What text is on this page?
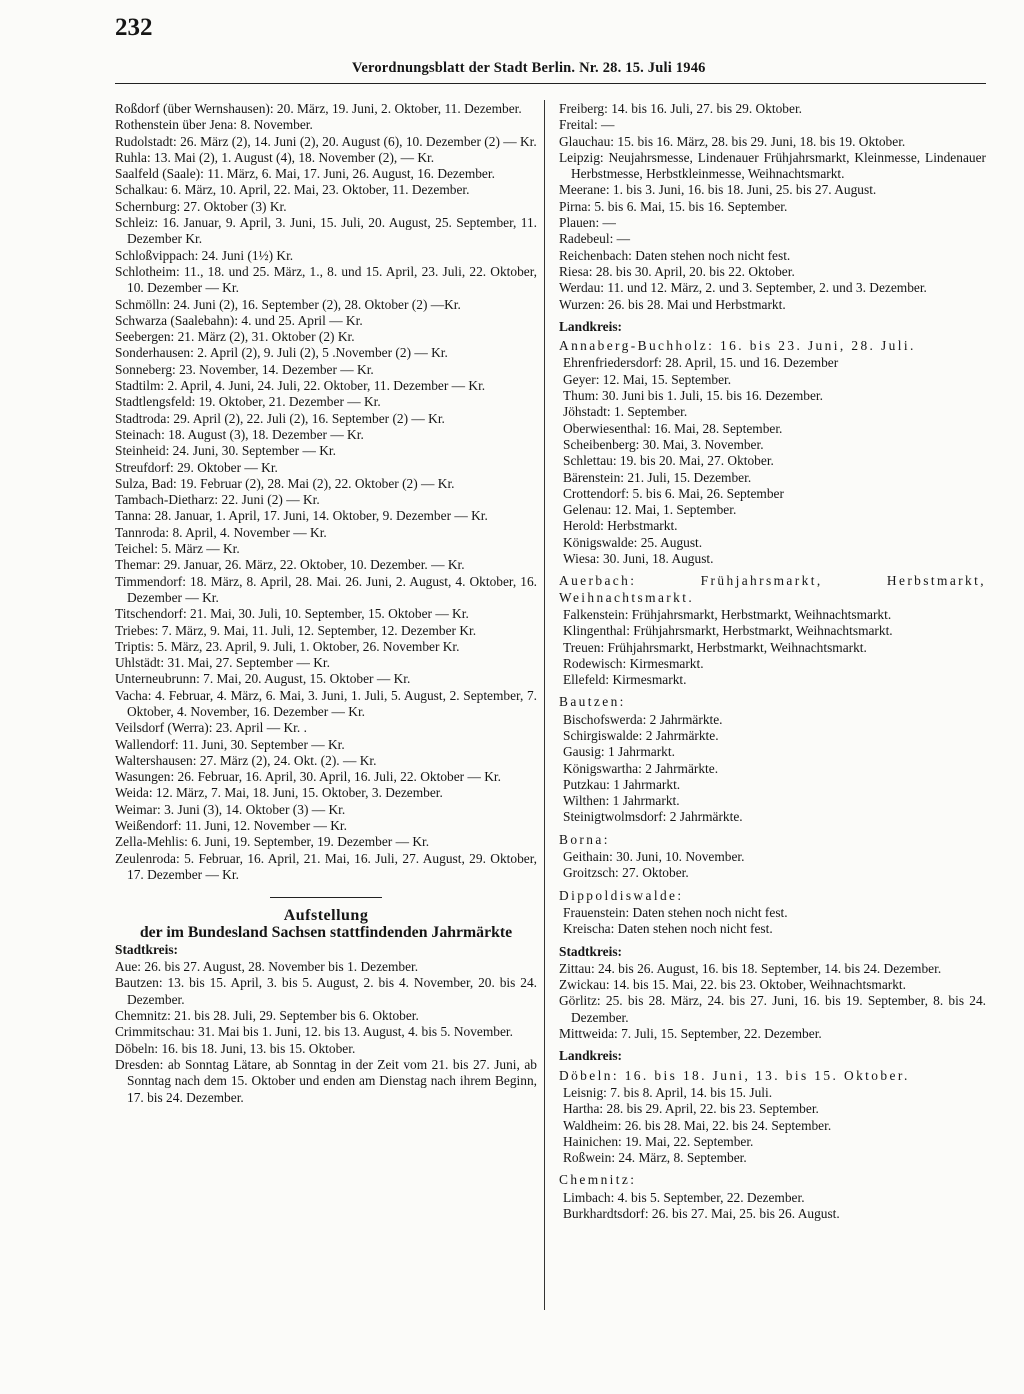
232
Verordnungsblatt der Stadt Berlin. Nr. 28. 15. Juli 1946

Roßdorf (über Wernshausen): 20. März, 19. Juni, 2. Oktober, 11. Dezember.

Rothenstein über Jena: 8. November.

Rudolstadt: 26. März (2), 14. Juni (2), 20. August (6), 10. Dezember (2) — Kr.

Ruhla: 13. Mai (2), 1. August (4), 18. November (2), — Kr.

Saalfeld (Saale): 11. März, 6. Mai, 17. Juni, 26. August, 16. Dezember.

Schalkau: 6. März, 10. April, 22. Mai, 23. Oktober, 11. Dezember.

Schernburg: 27. Oktober (3) Kr.

Schleiz: 16. Januar, 9. April, 3. Juni, 15. Juli, 20. August, 25. September, 11. Dezember Kr.

Schloßvippach: 24. Juni (1½) Kr.

Schlotheim: 11., 18. und 25. März, 1., 8. und 15. April, 23. Juli, 22. Oktober, 10. Dezember — Kr.

Schmölln: 24. Juni (2), 16. September (2), 28. Oktober (2) —Kr.

Schwarza (Saalebahn): 4. und 25. April — Kr.

Seebergen: 21. März (2), 31. Oktober (2) Kr.

Sonderhausen: 2. April (2), 9. Juli (2), 5 .November (2) — Kr.

Sonneberg: 23. November, 14. Dezember — Kr.

Stadtilm: 2. April, 4. Juni, 24. Juli, 22. Oktober, 11. Dezember — Kr.

Stadtlengsfeld: 19. Oktober, 21. Dezember — Kr.

Stadtroda: 29. April (2), 22. Juli (2), 16. September (2) — Kr.

Steinach: 18. August (3), 18. Dezember — Kr.

Steinheid: 24. Juni, 30. September — Kr.

Streufdorf: 29. Oktober — Kr.

Sulza, Bad: 19. Februar (2), 28. Mai (2), 22. Oktober (2) — Kr.

Tambach-Dietharz: 22. Juni (2) — Kr.

Tanna: 28. Januar, 1. April, 17. Juni, 14. Oktober, 9. Dezember — Kr.

Tannroda: 8. April, 4. November — Kr.

Teichel: 5. März — Kr.

Themar: 29. Januar, 26. März, 22. Oktober, 10. Dezember. — Kr.

Timmendorf: 18. März, 8. April, 28. Mai. 26. Juni, 2. August, 4. Oktober, 16. Dezember — Kr.

Titschendorf: 21. Mai, 30. Juli, 10. September, 15. Oktober — Kr.

Triebes: 7. März, 9. Mai, 11. Juli, 12. September, 12. Dezember Kr.

Triptis: 5. März, 23. April, 9. Juli, 1. Oktober, 26. November Kr.

Uhlstädt: 31. Mai, 27. September — Kr.

Unterneubrunn: 7. Mai, 20. August, 15. Oktober — Kr.

Vacha: 4. Februar, 4. März, 6. Mai, 3. Juni, 1. Juli, 5. August, 2. September, 7. Oktober, 4. November, 16. Dezember — Kr.

Veilsdorf (Werra): 23. April — Kr. .

Wallendorf: 11. Juni, 30. September — Kr.

Waltershausen: 27. März (2), 24. Okt. (2). — Kr.

Wasungen: 26. Februar, 16. April, 30. April, 16. Juli, 22. Oktober — Kr.

Weida: 12. März, 7. Mai, 18. Juni, 15. Oktober, 3. Dezember.

Weimar: 3. Juni (3), 14. Oktober (3) — Kr.

Weißendorf: 11. Juni, 12. November — Kr.

Zella-Mehlis: 6. Juni, 19. September, 19. Dezember — Kr.

Zeulenroda: 5. Februar, 16. April, 21. Mai, 16. Juli, 27. August, 29. Oktober, 17. Dezember — Kr.

Aufstellung

der im Bundesland Sachsen stattfindenden Jahrmärkte

Stadtkreis:

Aue: 26. bis 27. August, 28. November bis 1. Dezember.

Bautzen: 13. bis 15. April, 3. bis 5. August, 2. bis 4. November, 20. bis 24. Dezember.

Chemnitz: 21. bis 28. Juli, 29. September bis 6. Oktober.

Crimmitschau: 31. Mai bis 1. Juni, 12. bis 13. August, 4. bis 5. November.

Döbeln: 16. bis 18. Juni, 13. bis 15. Oktober.

Dresden: ab Sonntag Lätare, ab Sonntag in der Zeit vom 21. bis 27. Juni, ab Sonntag nach dem 15. Oktober und enden am Dienstag nach ihrem Beginn, 17. bis 24. Dezember.

Freiberg: 14. bis 16. Juli, 27. bis 29. Oktober.

Freital: —

Glauchau: 15. bis 16. März, 28. bis 29. Juni, 18. bis 19. Oktober.

Leipzig: Neujahrsmesse, Lindenauer Frühjahrsmarkt, Kleinmesse, Lindenauer Herbstmesse, Herbstkleinmesse, Weihnachtsmarkt.

Meerane: 1. bis 3. Juni, 16. bis 18. Juni, 25. bis 27. August.

Pirna: 5. bis 6. Mai, 15. bis 16. September.

Plauen: —

Radebeul: —

Reichenbach: Daten stehen noch nicht fest.

Riesa: 28. bis 30. April, 20. bis 22. Oktober.

Werdau: 11. und 12. März, 2. und 3. September, 2. und 3. Dezember.

Wurzen: 26. bis 28. Mai und Herbstmarkt.

Landkreis:

Annaberg-Buchholz: 16. bis 23. Juni, 28. Juli.

Ehrenfriedersdorf: 28. April, 15. und 16. Dezember

Geyer: 12. Mai, 15. September.

Thum: 30. Juni bis 1. Juli, 15. bis 16. Dezember.

Jöhstadt: 1. September.

Oberwiesenthal: 16. Mai, 28. September.

Scheibenberg: 30. Mai, 3. November.

Schlettau: 19. bis 20. Mai, 27. Oktober.

Bärenstein: 21. Juli, 15. Dezember.

Crottendorf: 5. bis 6. Mai, 26. September

Gelenau: 12. Mai, 1. September.

Herold: Herbstmarkt.

Königswalde: 25. August.

Wiesa: 30. Juni, 18. August.

Auerbach: Frühjahrsmarkt, Herbstmarkt, Weihnachtsmarkt.

Falkenstein: Frühjahrsmarkt, Herbstmarkt, Weihnachtsmarkt.

Klingenthal: Frühjahrsmarkt, Herbstmarkt, Weihnachtsmarkt.

Treuen: Frühjahrsmarkt, Herbstmarkt, Weihnachtsmarkt.

Rodewisch: Kirmesmarkt.

Ellefeld: Kirmesmarkt.

Bautzen:

Bischofswerda: 2 Jahrmärkte.

Schirgiswalde: 2 Jahrmärkte.

Gausig: 1 Jahrmarkt.

Königswartha: 2 Jahrmärkte.

Putzkau: 1 Jahrmarkt.

Wilthen: 1 Jahrmarkt.

Steinigtwolmsdorf: 2 Jahrmärkte.

Borna:

Geithain: 30. Juni, 10. November.

Groitzsch: 27. Oktober.

Dippoldiswalde:

Frauenstein: Daten stehen noch nicht fest.

Kreischa: Daten stehen noch nicht fest.

Stadtkreis:

Zittau: 24. bis 26. August, 16. bis 18. September, 14. bis 24. Dezember.

Zwickau: 14. bis 15. Mai, 22. bis 23. Oktober, Weihnachtsmarkt.

Görlitz: 25. bis 28. März, 24. bis 27. Juni, 16. bis 19. September, 8. bis 24. Dezember.

Mittweida: 7. Juli, 15. September, 22. Dezember.

Landkreis:

Döbeln: 16. bis 18. Juni, 13. bis 15. Oktober.

Leisnig: 7. bis 8. April, 14. bis 15. Juli.

Hartha: 28. bis 29. April, 22. bis 23. September.

Waldheim: 26. bis 28. Mai, 22. bis 24. September.

Hainichen: 19. Mai, 22. September.

Roßwein: 24. März, 8. September.

Chemnitz:

Limbach: 4. bis 5. September, 22. Dezember.

Burkhardtsdorf: 26. bis 27. Mai, 25. bis 26. August.
